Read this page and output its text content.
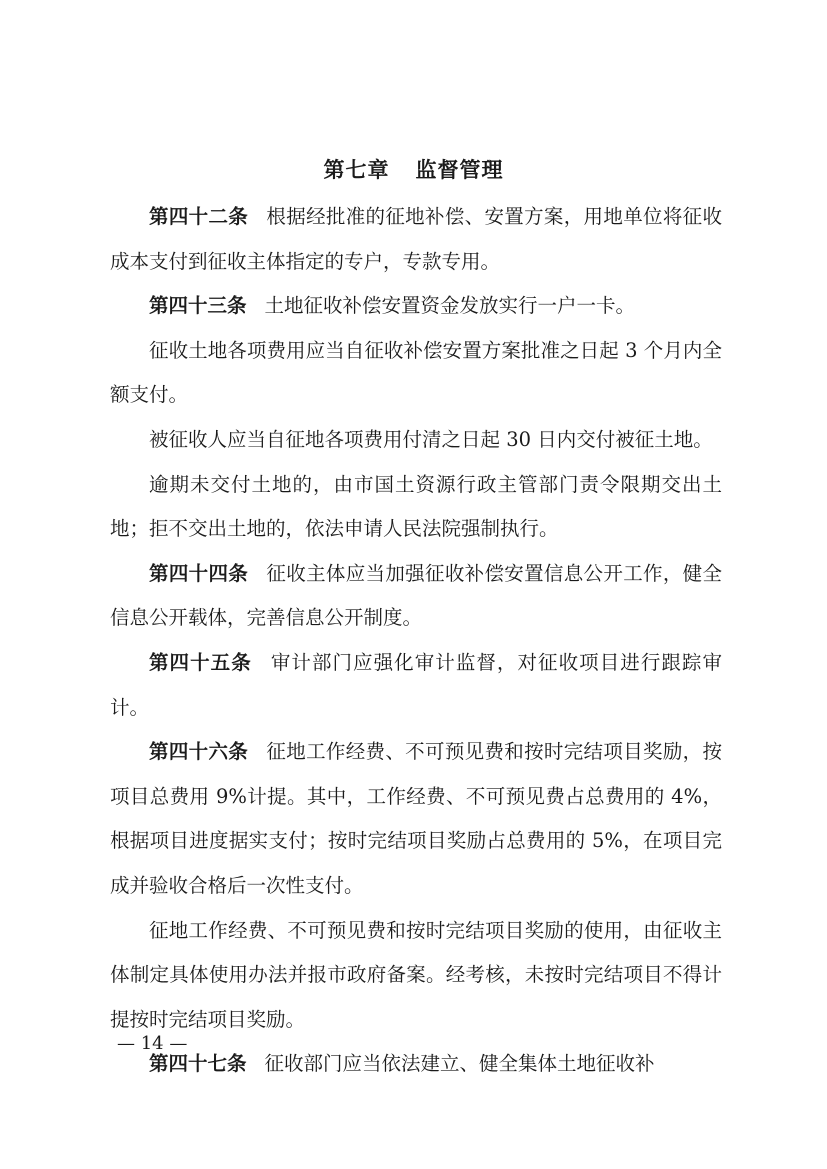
第七章 监督管理

第四十二条 根据经批准的征地补偿、安置方案，用地单位将征收成本支付到征收主体指定的专户，专款专用。

第四十三条 土地征收补偿安置资金发放实行一户一卡。

征收土地各项费用应当自征收补偿安置方案批准之日起 3 个月内全额支付。

被征收人应当自征地各项费用付清之日起 30 日内交付被征土地。

逾期未交付土地的，由市国土资源行政主管部门责令限期交出土地；拒不交出土地的，依法申请人民法院强制执行。

第四十四条 征收主体应当加强征收补偿安置信息公开工作，健全信息公开载体，完善信息公开制度。

第四十五条 审计部门应强化审计监督，对征收项目进行跟踪审计。

第四十六条 征地工作经费、不可预见费和按时完结项目奖励，按项目总费用 9%计提。其中，工作经费、不可预见费占总费用的 4%，根据项目进度据实支付；按时完结项目奖励占总费用的 5%，在项目完成并验收合格后一次性支付。

征地工作经费、不可预见费和按时完结项目奖励的使用，由征收主体制定具体使用办法并报市政府备案。经考核，未按时完结项目不得计提按时完结项目奖励。

第四十七条 征收部门应当依法建立、健全集体土地征收补

— 14 —
